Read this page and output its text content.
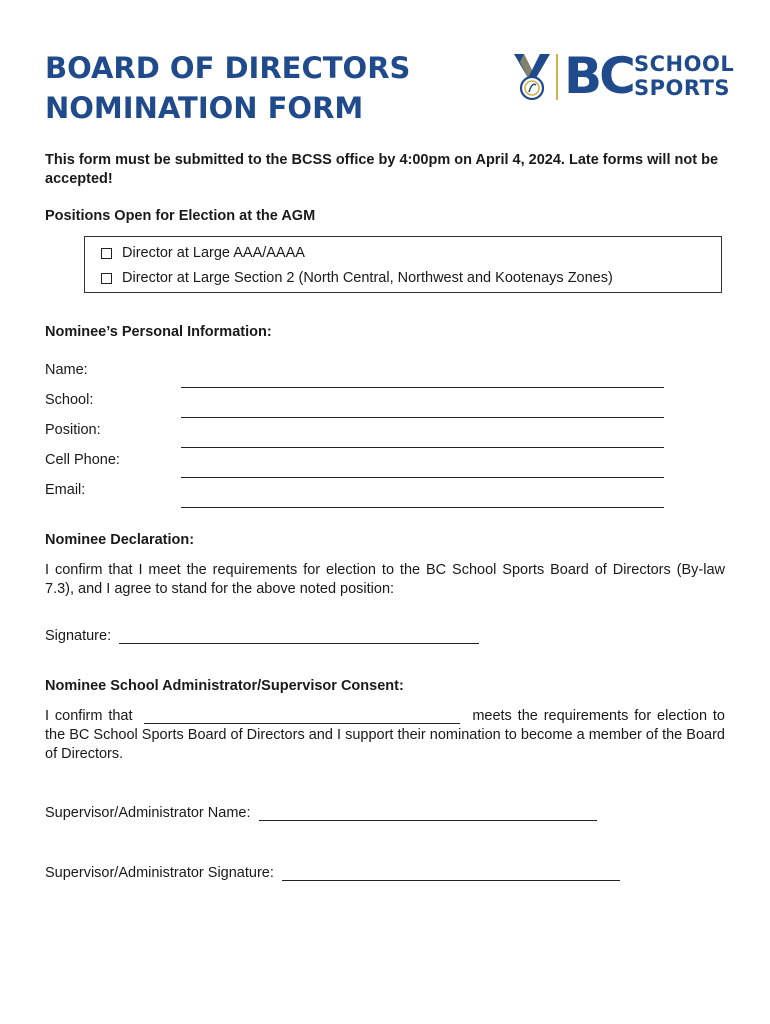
BOARD OF DIRECTORS
NOMINATION FORM
BC SCHOOL
SPORTS

This form must be submitted to the BCSS office by 4:00pm on April 4, 2024. Late forms will not be accepted!

Positions Open for Election at the AGM

Director at Large AAA/AAAA
Director at Large Section 2 (North Central, Northwest and Kootenays Zones)

Nominee’s Personal Information:

Name:
School:
Position:
Cell Phone:
Email:

Nominee Declaration:

I confirm that I meet the requirements for election to the BC School Sports Board of Directors (By-law 7.3), and I agree to stand for the above noted position:

Signature:

Nominee School Administrator/Supervisor Consent:

I confirm that	meets the requirements for election to the BC School Sports Board of Directors and I support their nomination to become a member of the Board of Directors.

Supervisor/Administrator Name:
Supervisor/Administrator Signature:
